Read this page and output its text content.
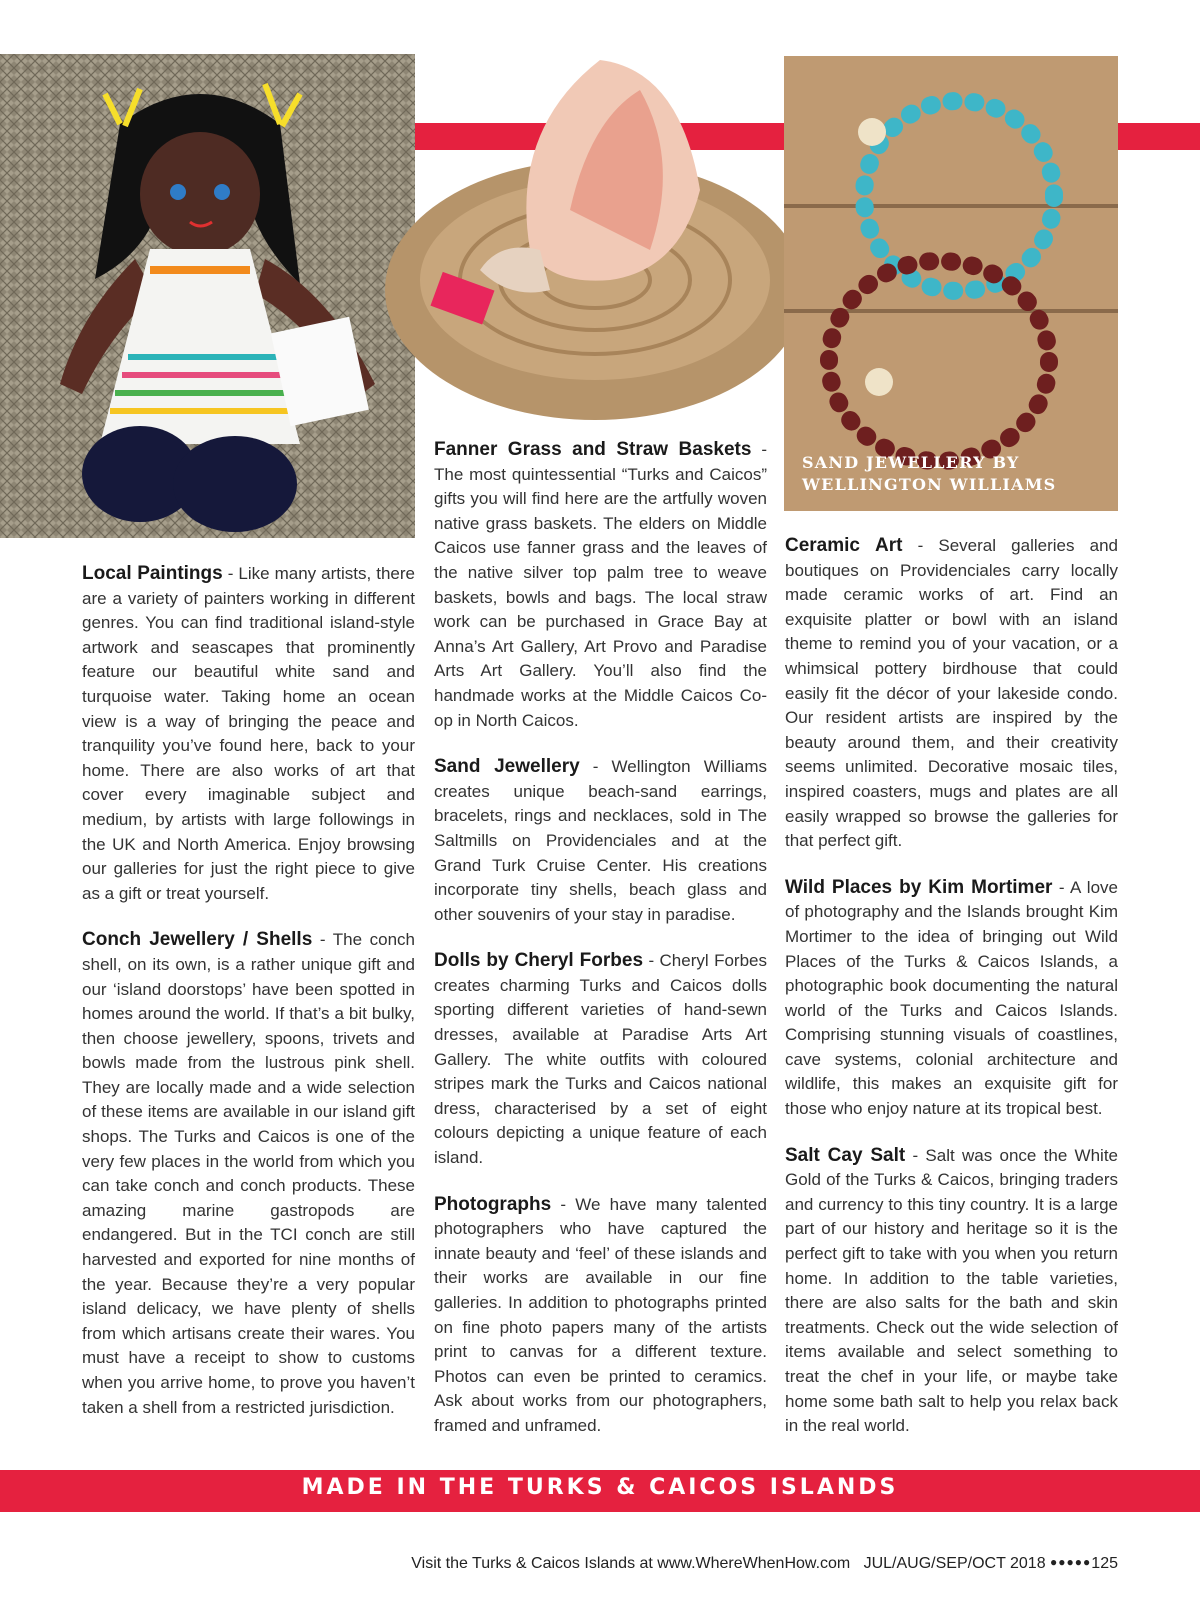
SAND JEWELLERY BY
WELLINGTON WILLIAMS

Local Paintings - Like many artists, there are a variety of painters working in different genres. You can find traditional island-style artwork and seascapes that prominently feature our beautiful white sand and turquoise water. Taking home an ocean view is a way of bringing the peace and tranquility you’ve found here, back to your home. There are also works of art that cover every imaginable subject and medium, by artists with large followings in the UK and North America. Enjoy browsing our galleries for just the right piece to give as a gift or treat yourself.

Conch Jewellery / Shells - The conch shell, on its own, is a rather unique gift and our ‘island doorstops’ have been spotted in homes around the world. If that’s a bit bulky, then choose jewellery, spoons, trivets and bowls made from the lustrous pink shell. They are locally made and a wide selection of these items are available in our island gift shops. The Turks and Caicos is one of the very few places in the world from which you can take conch and conch products. These amazing marine gastropods are endangered. But in the TCI conch are still harvested and exported for nine months of the year. Because they’re a very popular island delicacy, we have plenty of shells from which artisans create their wares. You must have a receipt to show to customs when you arrive home, to prove you haven’t taken a shell from a restricted jurisdiction.

Fanner Grass and Straw Baskets - The most quintessential “Turks and Caicos” gifts you will find here are the artfully woven native grass baskets. The elders on Middle Caicos use fanner grass and the leaves of the native silver top palm tree to weave baskets, bowls and bags. The local straw work can be purchased in Grace Bay at Anna’s Art Gallery, Art Provo and Paradise Arts Art Gallery. You’ll also find the handmade works at the Middle Caicos Co-op in North Caicos.

Sand Jewellery - Wellington Williams creates unique beach-sand earrings, bracelets, rings and necklaces, sold in The Saltmills on Providenciales and at the Grand Turk Cruise Center. His creations incorporate tiny shells, beach glass and other souvenirs of your stay in paradise.

Dolls by Cheryl Forbes - Cheryl Forbes creates charming Turks and Caicos dolls sporting different varieties of hand-sewn dresses, available at Paradise Arts Art Gallery. The white outfits with coloured stripes mark the Turks and Caicos national dress, characterised by a set of eight colours depicting a unique feature of each island.

Photographs - We have many talented photographers who have captured the innate beauty and ‘feel’ of these islands and their works are available in our fine galleries. In addition to photographs printed on fine photo papers many of the artists print to canvas for a different texture. Photos can even be printed to ceramics. Ask about works from our photographers, framed and unframed.

Ceramic Art - Several galleries and boutiques on Providenciales carry locally made ceramic works of art. Find an exquisite platter or bowl with an island theme to remind you of your vacation, or a whimsical pottery birdhouse that could easily fit the décor of your lakeside condo. Our resident artists are inspired by the beauty around them, and their creativity seems unlimited. Decorative mosaic tiles, inspired coasters, mugs and plates are all easily wrapped so browse the galleries for that perfect gift.

Wild Places by Kim Mortimer - A love of photography and the Islands brought Kim Mortimer to the idea of bringing out Wild Places of the Turks & Caicos Islands, a photographic book documenting the natural world of the Turks and Caicos Islands. Comprising stunning visuals of coastlines, cave systems, colonial architecture and wildlife, this makes an exquisite gift for those who enjoy nature at its tropical best.

Salt Cay Salt - Salt was once the White Gold of the Turks & Caicos, bringing traders and currency to this tiny country. It is a large part of our history and heritage so it is the perfect gift to take with you when you return home. In addition to the table varieties, there are also salts for the bath and skin treatments. Check out the wide selection of items available and select something to treat the chef in your life, or maybe take home some bath salt to help you relax back in the real world.

MADE IN THE TURKS & CAICOS ISLANDS
Visit the Turks & Caicos Islands at www.WhereWhenHow.com JUL/AUG/SEP/OCT 2018 ●●●●●125
